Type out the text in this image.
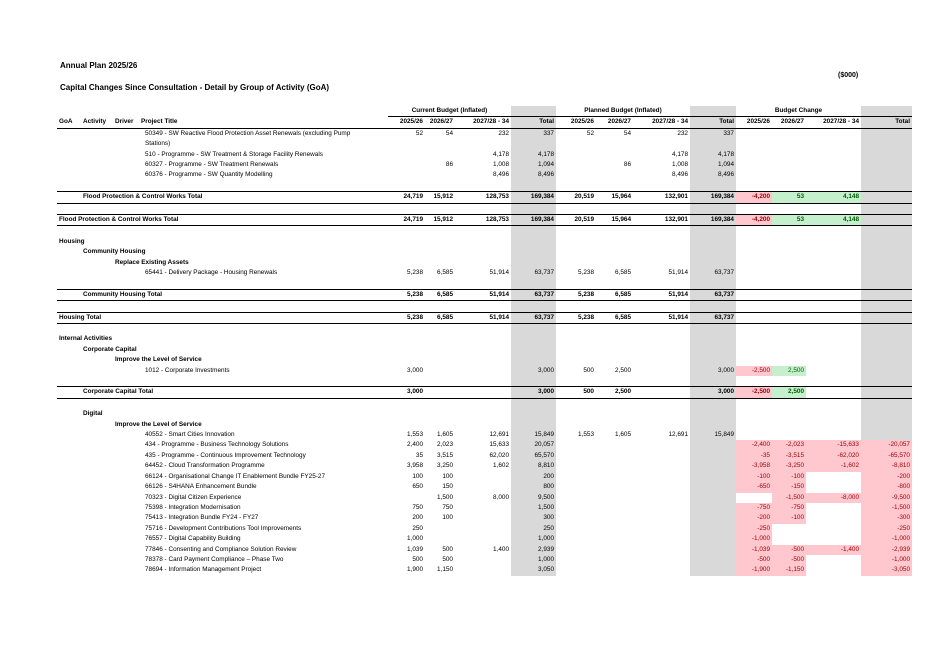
Annual Plan 2025/26
Capital Changes Since Consultation - Detail by Group of Activity (GoA)
($000)
				Current Budget (Inflated)				Planned Budget (Inflated)				Budget Change			
GoA	Activity	Driver	Project Title	2025/26	2026/27	2027/28 - 34	Total	2025/26	2026/27	2027/28 - 34	Total	2025/26	2026/27	2027/28 - 34	Total
50349 - SW Reactive Flood Protection Asset Renewals (excluding Pump				52	54	232	337	52	54	232	337				
Stations)															
510 - Programme - SW Treatment & Storage Facility Renewals						4,178	4,178			4,178	4,178				
60327 - Programme - SW Treatment Renewals					86	1,008	1,094		86	1,008	1,094				
60376 - Programme - SW Quantity Modelling						8,496	8,496			8,496	8,496				

Flood Protection & Control Works Total				24,719	15,912	128,753	169,384	20,519	15,964	132,901	169,384	-4,200	53	4,148	

Flood Protection & Control Works Total				24,719	15,912	128,753	169,384	20,519	15,964	132,901	169,384	-4,200	53	4,148	

Housing															
Community Housing															
Replace Existing Assets															
65441 - Delivery Package - Housing Renewals				5,238	6,585	51,914	63,737	5,238	6,585	51,914	63,737				

Community Housing Total				5,238	6,585	51,914	63,737	5,238	6,585	51,914	63,737				

Housing Total				5,238	6,585	51,914	63,737	5,238	6,585	51,914	63,737				

Internal Activities															
Corporate Capital															
Improve the Level of Service															
1012 - Corporate Investments				3,000			3,000	500	2,500		3,000	-2,500	2,500		

Corporate Capital Total				3,000			3,000	500	2,500		3,000	-2,500	2,500		

Digital															
Improve the Level of Service															
40552 - Smart Cities Innovation				1,553	1,605	12,691	15,849	1,553	1,605	12,691	15,849				
434 - Programme - Business Technology Solutions				2,400	2,023	15,633	20,057					-2,400	-2,023	-15,633	-20,057
435 - Programme - Continuous Improvement Technology				35	3,515	62,020	65,570					-35	-3,515	-62,020	-65,570
64452 - Cloud Transformation Programme				3,958	3,250	1,602	8,810					-3,958	-3,250	-1,602	-8,810
66124 - Organisational Change IT Enablement Bundle FY25-27				100	100		200					-100	-100		-200
66126 - S4HANA Enhancement Bundle				650	150		800					-650	-150		-800
70323 - Digital Citizen Experience					1,500	8,000	9,500						-1,500	-8,000	-9,500
75398 - Integration Modernisation				750	750		1,500					-750	-750		-1,500
75413 - Integration Bundle FY24 - FY27				200	100		300					-200	-100		-300
75716 - Development Contributions Tool Improvements				250			250					-250			-250
76557 - Digital Capability Building				1,000			1,000					-1,000			-1,000
77846 - Consenting and Compliance Solution Review				1,039	500	1,400	2,939					-1,039	-500	-1,400	-2,939
78378 - Card Payment Compliance – Phase Two				500	500		1,000					-500	-500		-1,000
78694 - Information Management Project				1,900	1,150		3,050					-1,900	-1,150		-3,050
